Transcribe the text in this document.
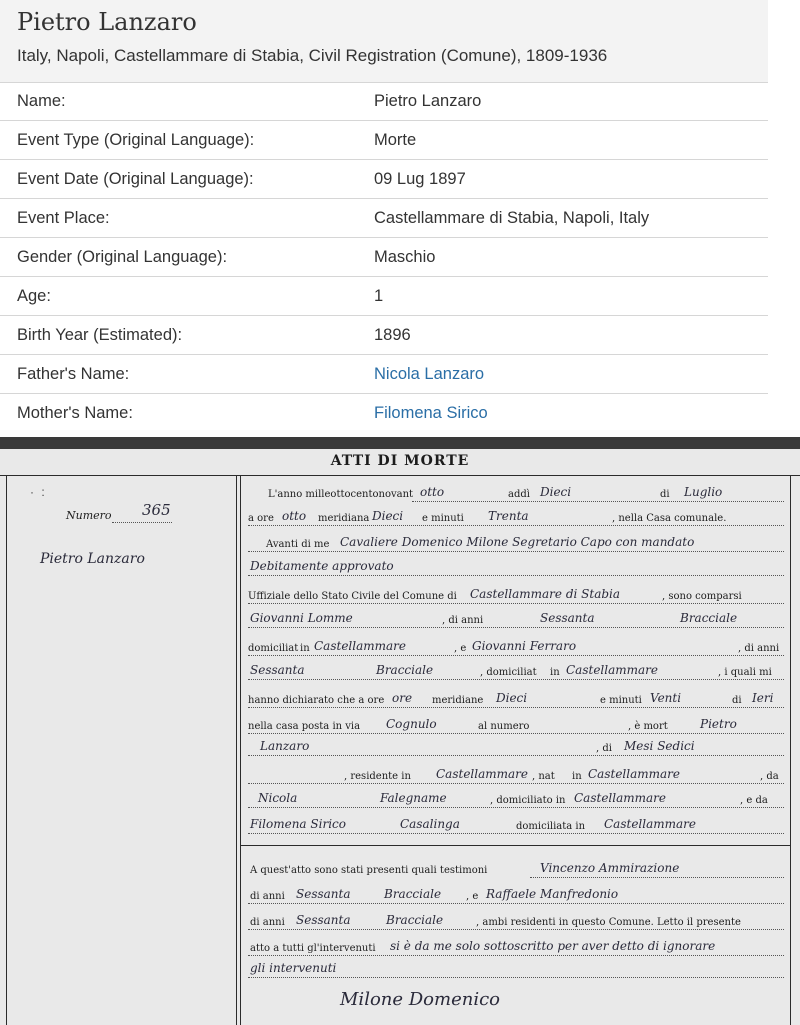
Pietro Lanzaro
Italy, Napoli, Castellammare di Stabia, Civil Registration (Comune), 1809-1936
Name:	Pietro Lanzaro
Event Type (Original Language):	Morte
Event Date (Original Language):	09 Lug 1897
Event Place:	Castellammare di Stabia, Napoli, Italy
Gender (Original Language):	Maschio
Age:	1
Birth Year (Estimated):	1896
Father's Name:	Nicola Lanzaro
Mother's Name:	Filomena Sirico
ATTI DI MORTE
· :
Numero 365
Pietro Lanzaro
L'anno milleottocentonovant otto	addì Dieci	di Luglio
a ore otto meridiana Dieci e minuti Trenta	, nella Casa comunale.
Avanti di me Cavaliere Domenico Milone Segretario Capo con mandato
Debitamente approvato
Uffiziale dello Stato Civile del Comune di Castellammare di Stabia	, sono comparsi
Giovanni Lomme	, di anni	Sessanta	Bracciale
domiciliat in Castellammare	, e Giovanni Ferraro	, di anni
Sessanta	Bracciale	, domiciliat in Castellammare	, i quali mi
hanno dichiarato che a ore ore meridiane Dieci	e minuti Venti	di Ieri
nella casa posta in via Cognulo	al numero	, è mort	Pietro
Lanzaro	, di Mesi Sedici
, residente in Castellammare , nat in Castellammare	, da
Nicola	Falegname	, domiciliato in Castellammare	, e da
Filomena Sirico	Casalinga	domiciliata in Castellammare
A quest'atto sono stati presenti quali testimoni	Vincenzo Ammirazione
di anni Sessanta	Bracciale , e Raffaele Manfredonio
di anni Sessanta	Bracciale	, ambi residenti in questo Comune. Letto il presente
atto a tutti gl'intervenuti si è da me solo sottoscritto per aver detto di ignorare
gli intervenuti
Milone Domenico
